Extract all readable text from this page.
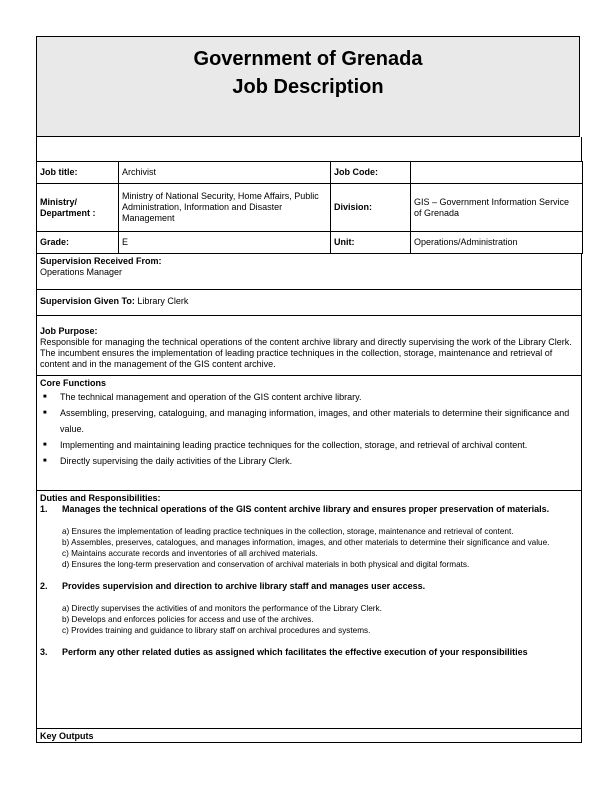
Government of Grenada
Job Description
Job title:	Archivist	Job Code:	
Ministry/ Department :	Ministry of National Security, Home Affairs, Public Administration, Information and Disaster Management	Division:	GIS – Government Information Service of Grenada
Grade:	E	Unit:	Operations/Administration
Supervision Received From:
Operations Manager
Supervision Given To: Library Clerk
Job Purpose:
Responsible for managing the technical operations of the content archive library and directly supervising the work of the Library Clerk. The incumbent ensures the implementation of leading practice techniques in the collection, storage, maintenance and retrieval of content and in the management of the GIS content archive.
Core Functions
■ The technical management and operation of the GIS content archive library.
■ Assembling, preserving, cataloguing, and managing information, images, and other materials to determine their significance and value.
■ Implementing and maintaining leading practice techniques for the collection, storage, and retrieval of archival content.
■ Directly supervising the daily activities of the Library Clerk.
Duties and Responsibilities:
1.	Manages the technical operations of the GIS content archive library and ensures proper preservation of materials.
a) Ensures the implementation of leading practice techniques in the collection, storage, maintenance and retrieval of content.
b) Assembles, preserves, catalogues, and manages information, images, and other materials to determine their significance and value.
c) Maintains accurate records and inventories of all archived materials.
d) Ensures the long-term preservation and conservation of archival materials in both physical and digital formats.
2.	Provides supervision and direction to archive library staff and manages user access.
a) Directly supervises the activities of and monitors the performance of the Library Clerk.
b) Develops and enforces policies for access and use of the archives.
c) Provides training and guidance to library staff on archival procedures and systems.
3.	Perform any other related duties as assigned which facilitates the effective execution of your responsibilities
Key Outputs
